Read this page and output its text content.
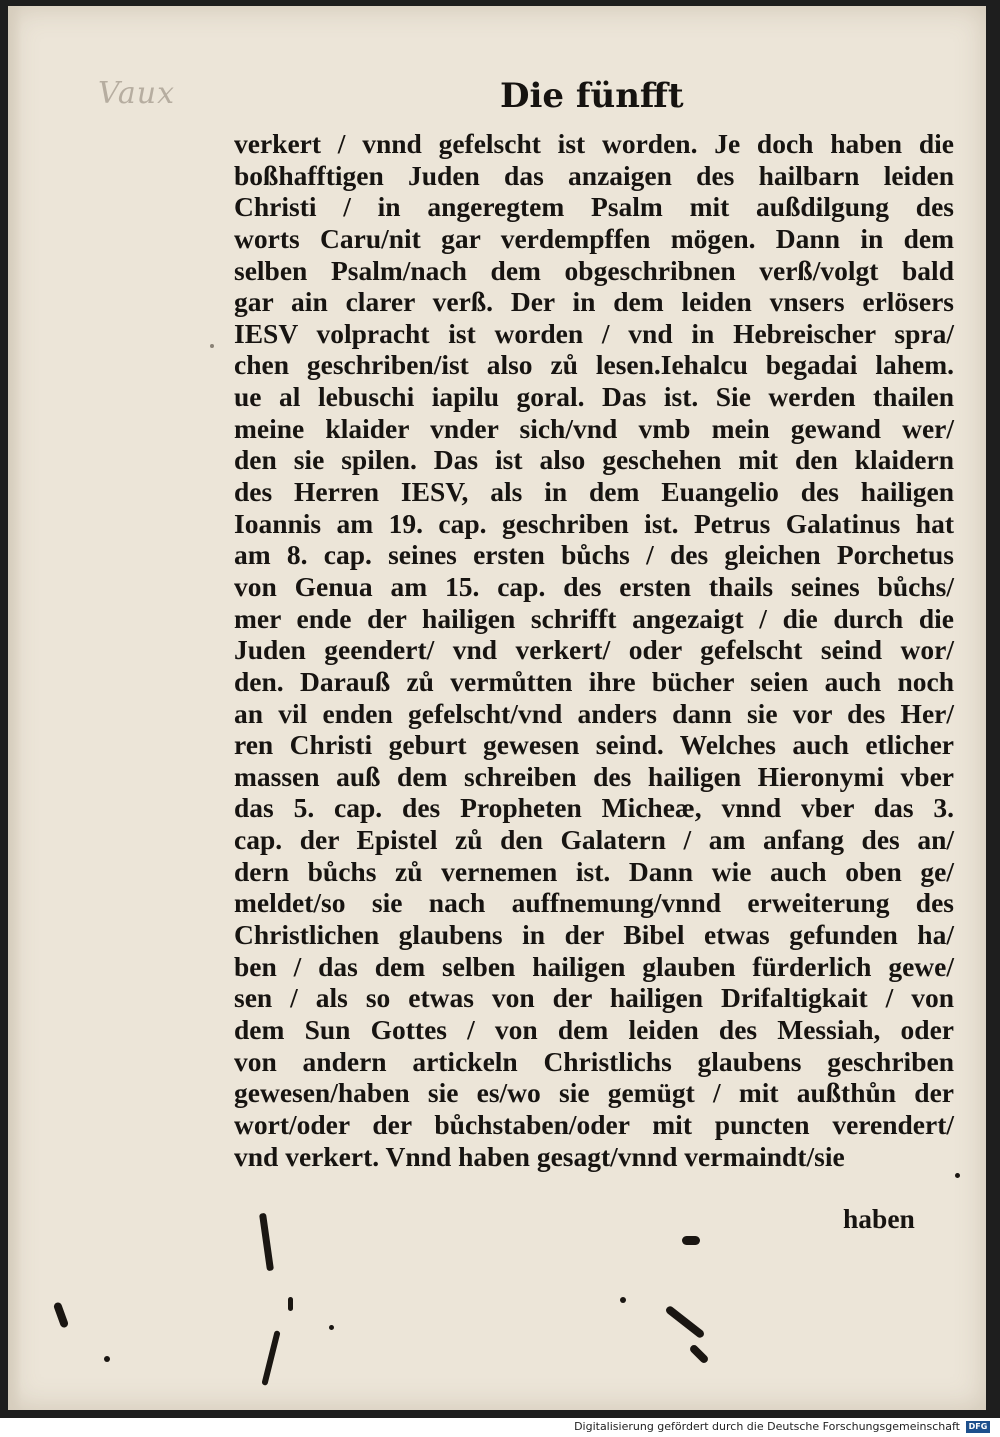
Vaux	Die fünfft
verkert / vnnd gefelscht ist worden. Je doch haben die
boßhafftigen Juden das anzaigen des hailbarn leiden
Christi / in angeregtem Psalm mit außdilgung des
worts Caru/nit gar verdempffen mögen. Dann in dem
selben Psalm/nach dem obgeschribnen verß/volgt bald
gar ain clarer verß. Der in dem leiden vnsers erlösers
IESV volpracht ist worden / vnd in Hebreischer spra/
chen geschriben/ist also zů lesen.Iehalcu begadai lahem.
ue al lebuschi iapilu goral. Das ist. Sie werden thailen
meine klaider vnder sich/vnd vmb mein gewand wer/
den sie spilen. Das ist also geschehen mit den klaidern
des Herren IESV, als in dem Euangelio des hailigen
Ioannis am 19. cap. geschriben ist. Petrus Galatinus hat
am 8. cap. seines ersten bůchs / des gleichen Porchetus
von Genua am 15. cap. des ersten thails seines bůchs/
mer ende der hailigen schrifft angezaigt / die durch die
Juden geendert/ vnd verkert/ oder gefelscht seind wor/
den. Darauß zů vermůtten ihre bücher seien auch noch
an vil enden gefelscht/vnd anders dann sie vor des Her/
ren Christi geburt gewesen seind. Welches auch etlicher
massen auß dem schreiben des hailigen Hieronymi vber
das 5. cap. des Propheten Micheæ, vnnd vber das 3.
cap. der Epistel zů den Galatern / am anfang des an/
dern bůchs zů vernemen ist. Dann wie auch oben ge/
meldet/so sie nach auffnemung/vnnd erweiterung des
Christlichen glaubens in der Bibel etwas gefunden ha/
ben / das dem selben hailigen glauben fürderlich gewe/
sen / als so etwas von der hailigen Drifaltigkait / von
dem Sun Gottes / von dem leiden des Messiah, oder
von andern artickeln Christlichs glaubens geschriben
gewesen/haben sie es/wo sie gemügt / mit außthůn der
wort/oder der bůchstaben/oder mit puncten verendert/
vnd verkert. Vnnd haben gesagt/vnnd vermaindt/sie
haben
Digitalisierung gefördert durch die Deutsche Forschungsgemeinschaft	DFG
